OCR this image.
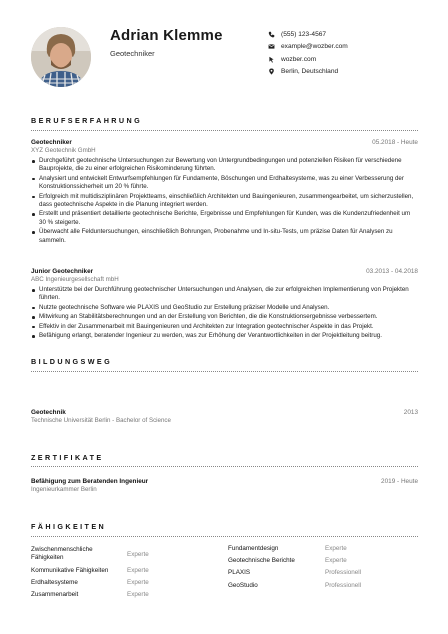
Adrian Klemme
Geotechniker
(555) 123-4567
example@wozber.com
wozber.com
Berlin, Deutschland
BERUFSERFAHRUNG
Geotechniker	05.2018 - Heute
XYZ Geotechnik GmbH
Durchgeführt geotechnische Untersuchungen zur Bewertung von Untergrundbedingungen und potenziellen Risiken für verschiedene Bauprojekte, die zu einer erfolgreichen Risikominderung führten.
Analysiert und entwickelt Entwurfsempfehlungen für Fundamente, Böschungen und Erdhaltesysteme, was zu einer Verbesserung der Konstruktionssicherheit um 20 % führte.
Erfolgreich mit multidisziplinären Projektteams, einschließlich Architekten und Bauingenieuren, zusammengearbeitet, um sicherzustellen, dass geotechnische Aspekte in die Planung integriert werden.
Erstellt und präsentiert detaillierte geotechnische Berichte, Ergebnisse und Empfehlungen für Kunden, was die Kundenzufriedenheit um 30 % steigerte.
Überwacht alle Felduntersuchungen, einschließlich Bohrungen, Probenahme und In-situ-Tests, um präzise Daten für Analysen zu sammeln.
Junior Geotechniker	03.2013 - 04.2018
ABC Ingenieurgesellschaft mbH
Unterstützte bei der Durchführung geotechnischer Untersuchungen und Analysen, die zur erfolgreichen Implementierung von Projekten führten.
Nutzte geotechnische Software wie PLAXIS und GeoStudio zur Erstellung präziser Modelle und Analysen.
Mitwirkung an Stabilitätsberechnungen und an der Erstellung von Berichten, die die Konstruktionsergebnisse verbessertem.
Effektiv in der Zusammenarbeit mit Bauingenieuren und Architekten zur Integration geotechnischer Aspekte in das Projekt.
Befähigung erlangt, beratender Ingenieur zu werden, was zur Erhöhung der Verantwortlichkeiten in der Projektleitung beitrug.
BILDUNGSWEG
Geotechnik	2013
Technische Universität Berlin - Bachelor of Science
ZERTIFIKATE
Befähigung zum Beratenden Ingenieur	2019 - Heute
Ingenieurkammer Berlin
FÄHIGKEITEN
Zwischenmenschliche Fähigkeiten	Experte
Kommunikative Fähigkeiten	Experte
Erdhaltesysteme	Experte
Zusammenarbeit	Experte
Fundamentdesign	Experte
Geotechnische Berichte	Experte
PLAXIS	Professionell
GeoStudio	Professionell
